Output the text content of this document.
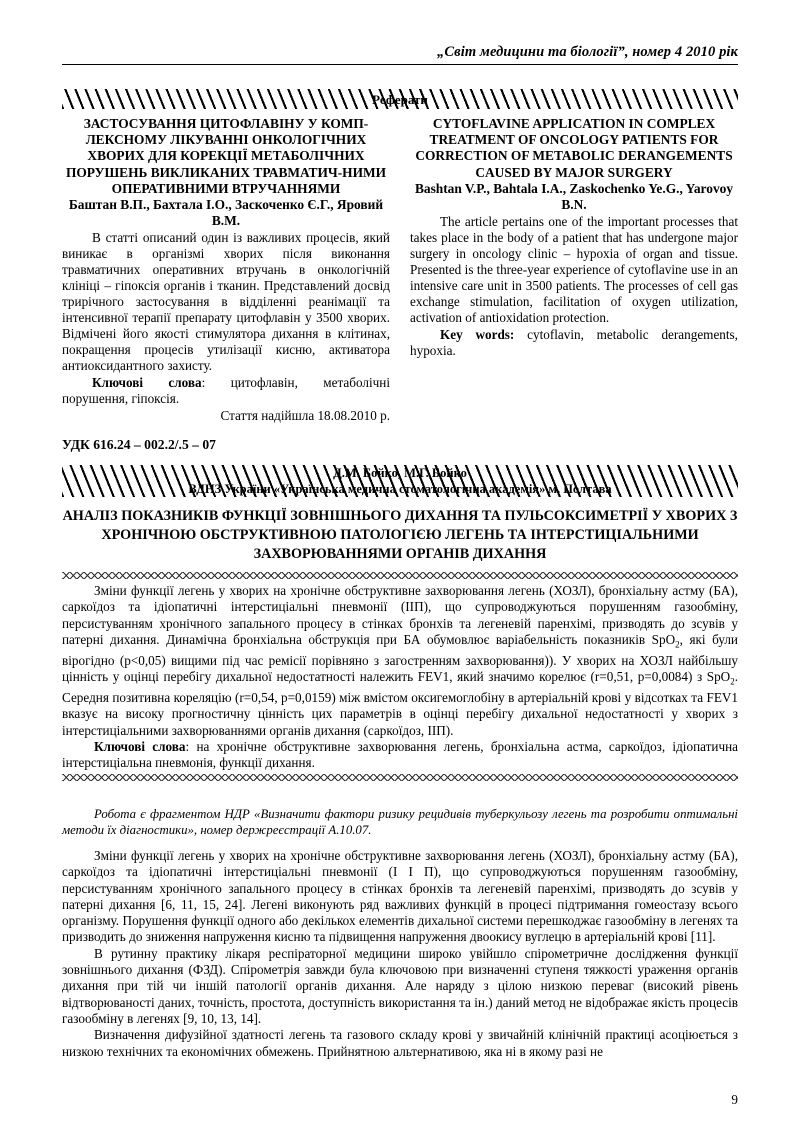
„Світ медицини та біології”, номер 4 2010 рік
Реферати
ЗАСТОСУВАННЯ ЦИТОФЛАВІНУ У КОМП-ЛЕКСНОМУ ЛІКУВАННІ ОНКОЛОГІЧНИХ ХВОРИХ ДЛЯ КОРЕКЦІЇ МЕТАБОЛІЧНИХ ПОРУШЕНЬ ВИКЛИКАНИХ ТРАВМАТИЧ-НИМИ ОПЕРАТИВНИМИ ВТРУЧАННЯМИ
Баштан В.П., Бахтала І.О., Заскоченко Є.Г., Яровий В.М.
В статті описаний один із важливих процесів, який виникає в організмі хворих після виконання травматичних оперативних втручань в онкологічній клініці – гіпоксія органів і тканин. Представлений досвід трирічного застосування в відділенні реанімації та інтенсивної терапії препарату цитофлавін у 3500 хворих. Відмічені його якості стимулятора дихання в клітинах, покращення процесів утилізації кисню, активатора антиоксидантного захисту.
Ключові слова: цитофлавін, метаболічні порушення, гіпоксія.
Стаття надійшла 18.08.2010 р.
CYTOFLAVINE APPLICATION IN COMPLEX TREATMENT OF ONCOLOGY PATIENTS FOR CORRECTION OF METABOLIC DERANGEMENTS CAUSED BY MAJOR SURGERY
Bashtan V.P., Bahtala I.A., Zaskochenko Ye.G., Yarovoy B.N.
The article pertains one of the important processes that takes place in the body of a patient that has undergone major surgery in oncology clinic – hypoxia of organ and tissue. Presented is the three-year experience of cytoflavine use in an intensive care unit in 3500 patients. The processes of cell gas exchange stimulation, facilitation of oxygen utilization, activation of antioxidation protection.
Key words: cytoflavin, metabolic derangements, hypoxia.
УДК 616.24 – 002.2/.5 – 07
Д.М. Бойко, М.Г. Бойко
ВДНЗ України «Українська медична стоматологічна академія» м. Полтава
АНАЛІЗ ПОКАЗНИКІВ ФУНКЦІЇ ЗОВНІШНЬОГО ДИХАННЯ ТА ПУЛЬСОКСИМЕТРІЇ У ХВОРИХ З ХРОНІЧНОЮ ОБСТРУКТИВНОЮ ПАТОЛОГІЄЮ ЛЕГЕНЬ ТА ІНТЕРСТИЦІАЛЬНИМИ ЗАХВОРЮВАННЯМИ ОРГАНІВ ДИХАННЯ

Зміни функції легень у хворих на хронічне обструктивне захворювання легень (ХОЗЛ), бронхіальну астму (БА), саркоїдоз та ідіопатичні інтерстиціальні пневмонії (ІІП), що супроводжуються порушенням газообміну, персистуванням хронічного запального процесу в стінках бронхів та легеневій паренхімі, призводять до зсувів у патерні дихання. Динамічна бронхіальна обструкція при БА обумовлює варіабельність показників SpO$_2$, які були вірогідно (p<0,05) вищими під час ремісії порівняно з загостренням захворювання)). У хворих на ХОЗЛ найбільшу цінність у оцінці перебігу дихальної недостатності належить FEV1, який значимо корелює (r=0,51, p=0,0084) з SpO$_2$. Середня позитивна кореляцію (r=0,54, p=0,0159) між вмістом оксигемоглобіну в артеріальній крові у відсотках та FEV1 вказує на високу прогностичну цінність цих параметрів в оцінці перебігу дихальної недостатності у хворих з інтерстиціальними захворюваннями органів дихання (саркоїдоз, ІІП).

Ключові слова: на хронічне обструктивне захворювання легень, бронхіальна астма, саркоїдоз, ідіопатична інтерстиціальна пневмонія, функції дихання.

Робота є фрагментом НДР «Визначити фактори ризику рецидивів туберкульозу легень та розробити оптимальні методи їх діагностики», номер держреєстрації А.10.07.

Зміни функції легень у хворих на хронічне обструктивне захворювання легень (ХОЗЛ), бронхіальну астму (БА), саркоїдоз та ідіопатичні інтерстиціальні пневмонії (І І П), що супроводжуються порушенням газообміну, персистуванням хронічного запального процесу в стінках бронхів та легеневій паренхімі, призводять до зсувів у патерні дихання [6, 11, 15, 24]. Легені виконують ряд важливих функцій в процесі підтримання гомеостазу всього організму. Порушення функції одного або декількох елементів дихальної системи перешкоджає газообміну в легенях та призводить до зниження напруження кисню та підвищення напруження двоокису вуглецю в артеріальній крові [11].

В рутинну практику лікаря респіраторної медицини широко увійшло спірометричне дослідження функції зовнішнього дихання (ФЗД). Спірометрія завжди була ключовою при визначенні ступеня тяжкості ураження органів дихання при тій чи іншій патології органів дихання. Але наряду з цілою низкою переваг (високий рівень відтворюваності даних, точність, простота, доступність використання та ін.) даний метод не відображає якість процесів газообміну в легенях [9, 10, 13, 14].

Визначення дифузійної здатності легень та газового складу крові у звичайній клінічній практиці асоціюється з низкою технічних та економічних обмежень. Прийнятною альтернативою, яка ні в якому разі не

9
